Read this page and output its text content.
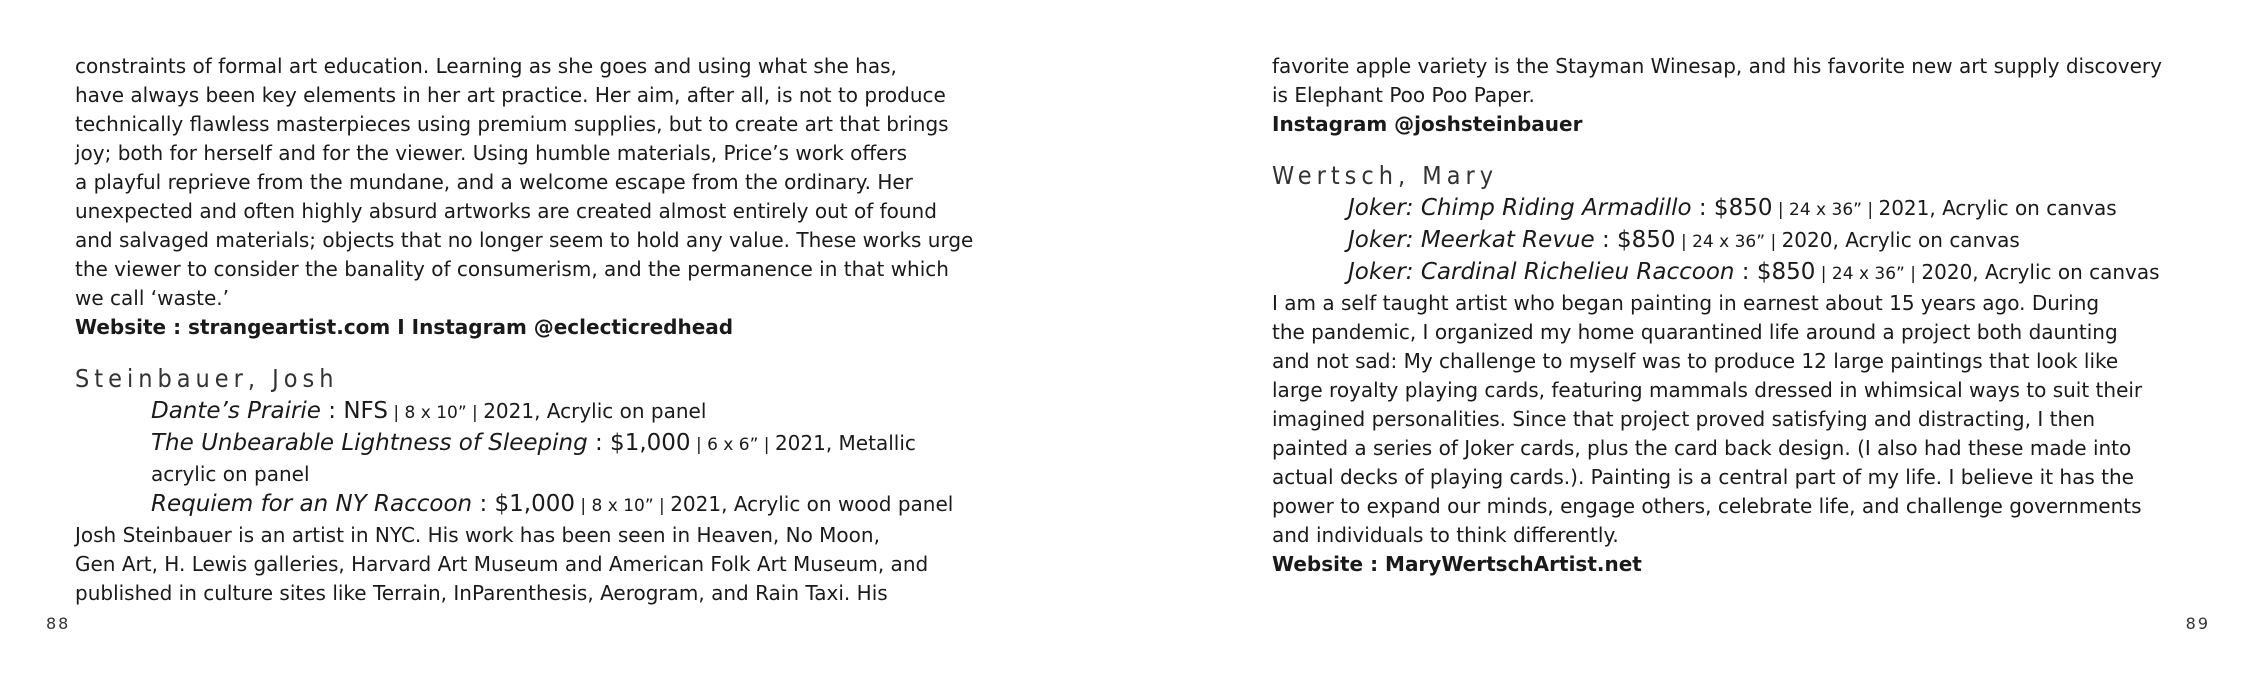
constraints of formal art education. Learning as she goes and using what she has,
have always been key elements in her art practice. Her aim, after all, is not to produce
technically flawless masterpieces using premium supplies, but to create art that brings
joy; both for herself and for the viewer. Using humble materials, Price’s work offers
a playful reprieve from the mundane, and a welcome escape from the ordinary. Her
unexpected and often highly absurd artworks are created almost entirely out of found
and salvaged materials; objects that no longer seem to hold any value. These works urge
the viewer to consider the banality of consumerism, and the permanence in that which
we call ‘waste.’
Website : strangeartist.com I Instagram @eclecticredhead
Steinbauer, Josh
Dante’s Prairie : NFS | 8 x 10” | 2021, Acrylic on panel
The Unbearable Lightness of Sleeping : $1,000 | 6 x 6” | 2021, Metallic
acrylic on panel
Requiem for an NY Raccoon : $1,000 | 8 x 10” | 2021, Acrylic on wood panel
Josh Steinbauer is an artist in NYC. His work has been seen in Heaven, No Moon,
Gen Art, H. Lewis galleries, Harvard Art Museum and American Folk Art Museum, and
published in culture sites like Terrain, InParenthesis, Aerogram, and Rain Taxi. His
88
favorite apple variety is the Stayman Winesap, and his favorite new art supply discovery
is Elephant Poo Poo Paper.
Instagram @joshsteinbauer
Wertsch, Mary
Joker: Chimp Riding Armadillo : $850 | 24 x 36” | 2021, Acrylic on canvas
Joker: Meerkat Revue : $850 | 24 x 36” | 2020, Acrylic on canvas
Joker: Cardinal Richelieu Raccoon : $850 | 24 x 36” | 2020, Acrylic on canvas
I am a self taught artist who began painting in earnest about 15 years ago. During
the pandemic, I organized my home quarantined life around a project both daunting
and not sad: My challenge to myself was to produce 12 large paintings that look like
large royalty playing cards, featuring mammals dressed in whimsical ways to suit their
imagined personalities. Since that project proved satisfying and distracting, I then
painted a series of Joker cards, plus the card back design. (I also had these made into
actual decks of playing cards.). Painting is a central part of my life. I believe it has the
power to expand our minds, engage others, celebrate life, and challenge governments
and individuals to think differently.
Website : MaryWertschArtist.net
89
